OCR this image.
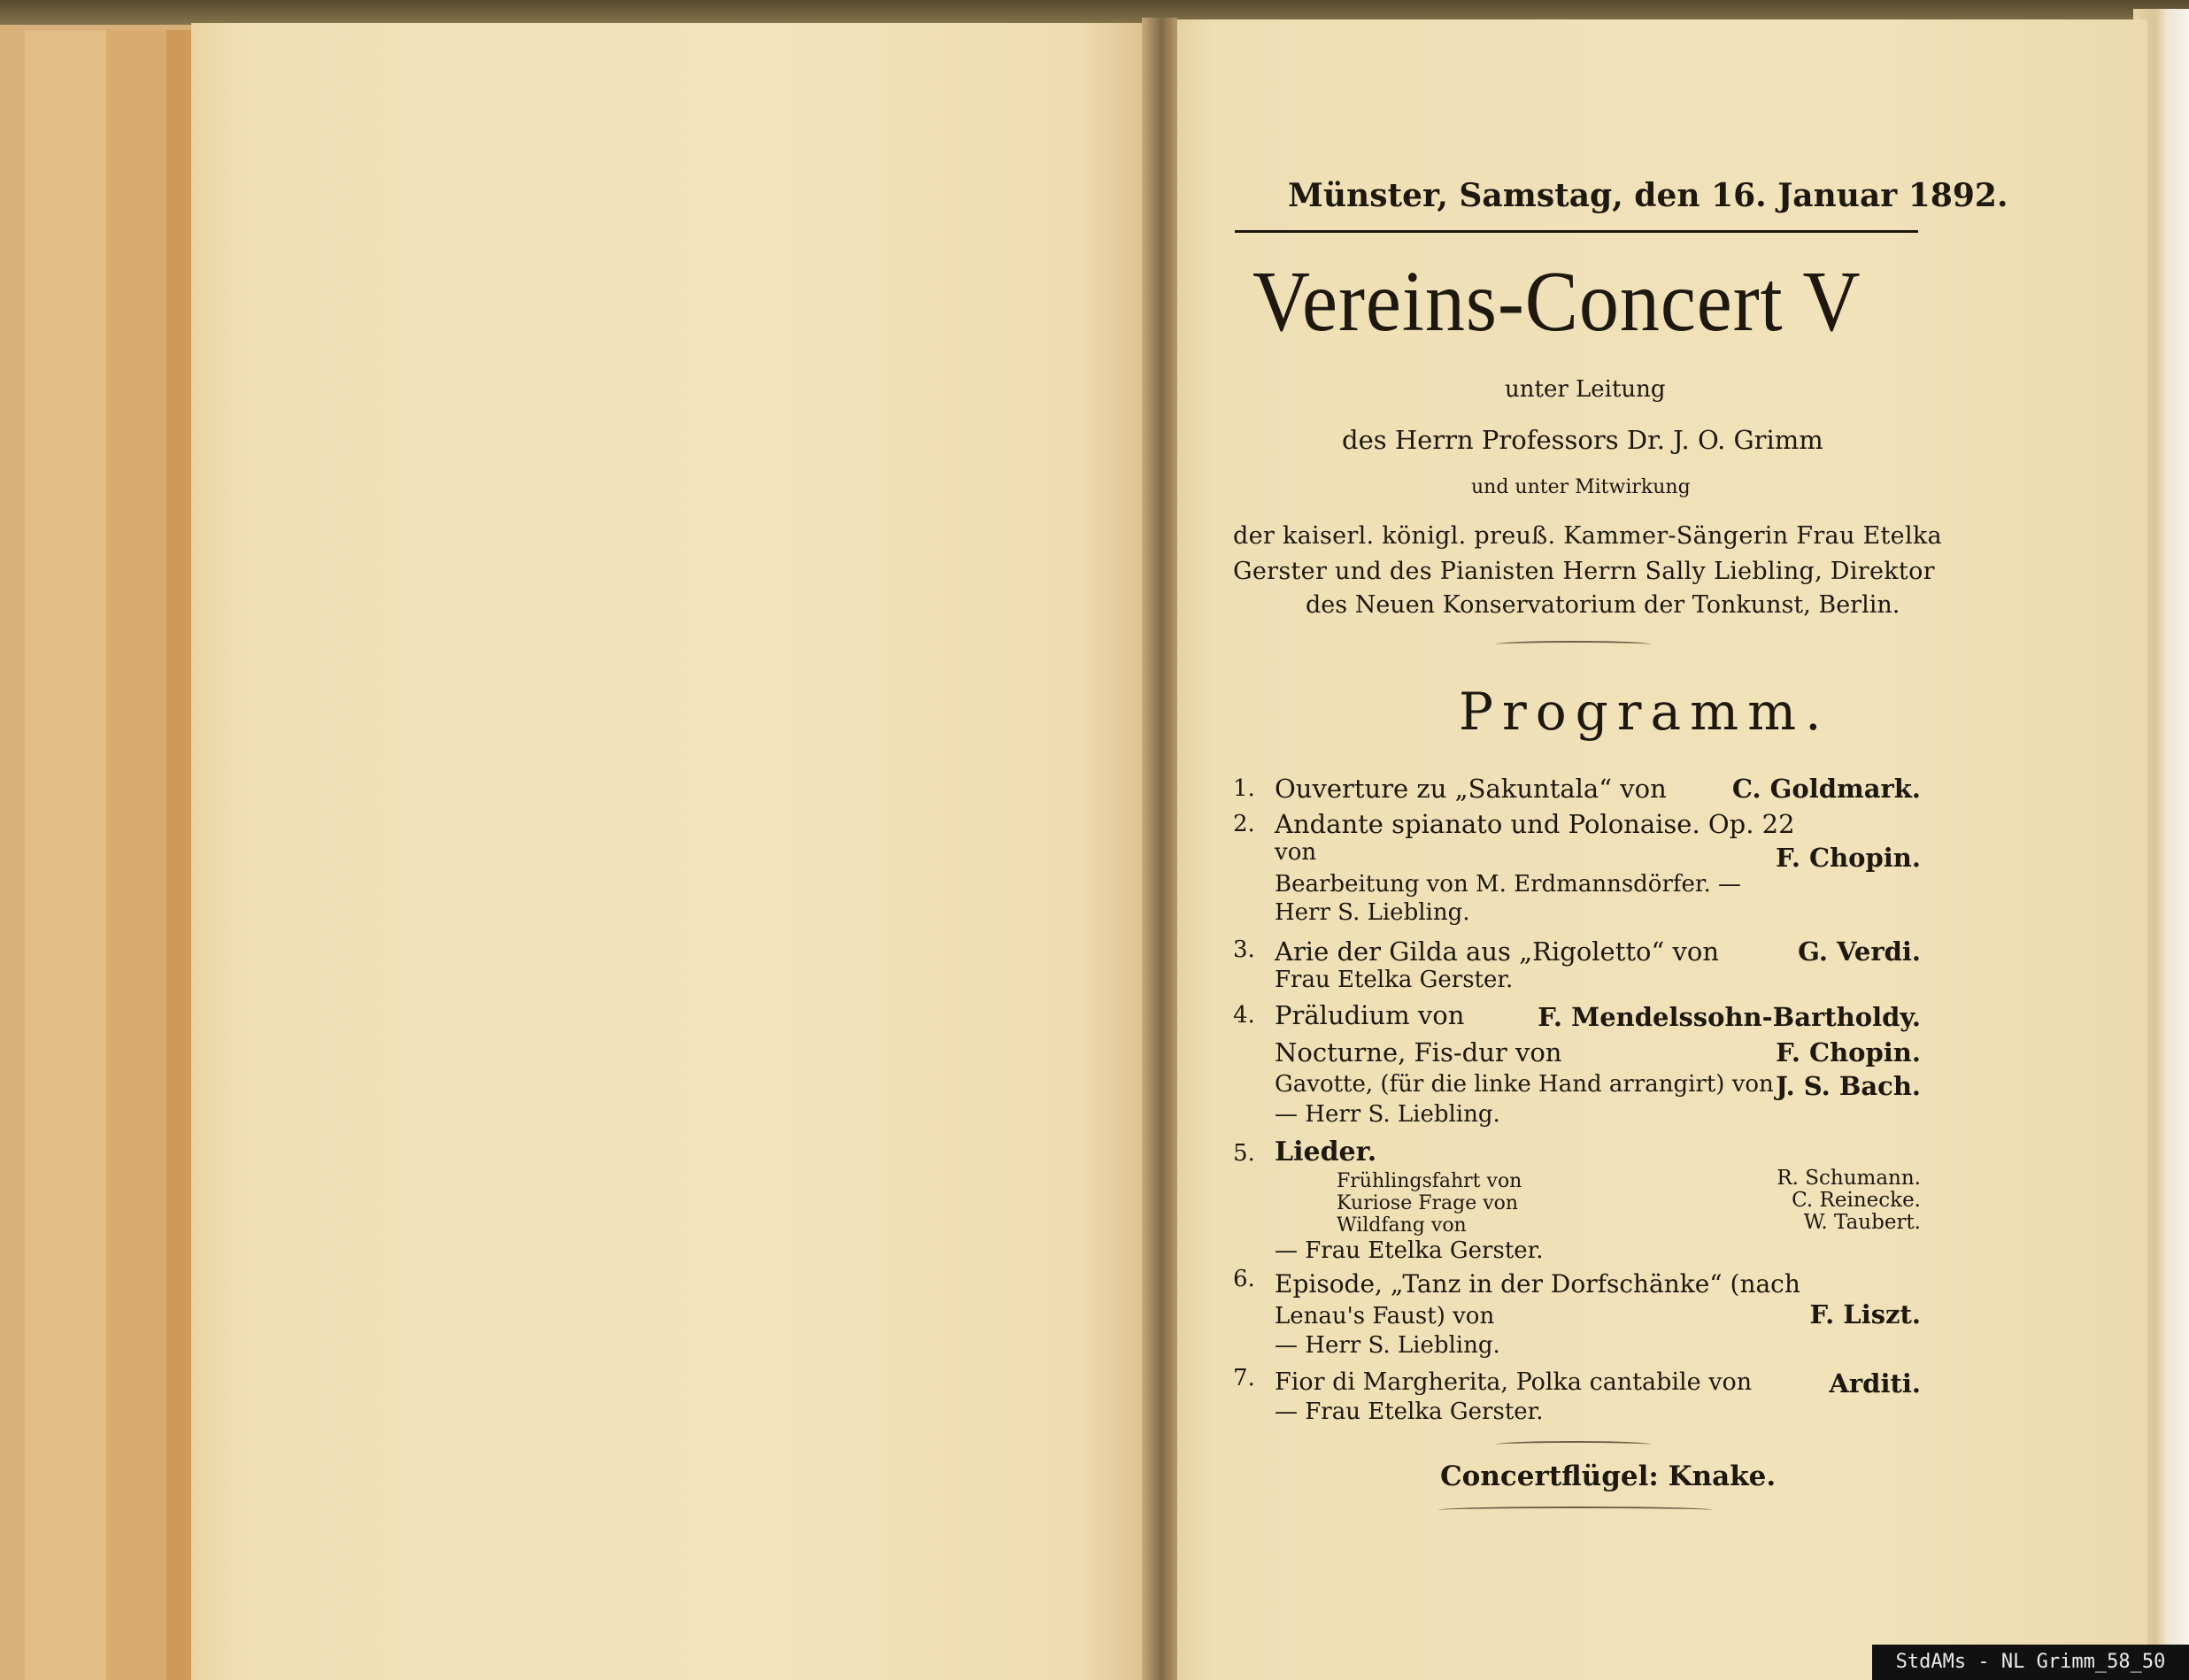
Münster, Samstag, den 16. Januar 1892.
Vereins-Concert V
unter Leitung
des Herrn Professors Dr. J. O. Grimm
und unter Mitwirkung
der kaiserl. königl. preuß. Kammer-Sängerin Frau Etelka
Gerster und des Pianisten Herrn Sally Liebling, Direktor
des Neuen Konservatorium der Tonkunst, Berlin.
Programm.
1. Ouverture zu „Sakuntala“ von	C. Goldmark.
2. Andante spianato und Polonaise. Op. 22
von	F. Chopin.
Bearbeitung von M. Erdmannsdörfer. —
Herr S. Liebling.
3. Arie der Gilda aus „Rigoletto“ von	G. Verdi.
Frau Etelka Gerster.
4. Präludium von	F. Mendelssohn-Bartholdy.
Nocturne, Fis-dur von	F. Chopin.
Gavotte, (für die linke Hand arrangirt) von J. S. Bach.
— Herr S. Liebling.
5. Lieder.
Frühlingsfahrt von	R. Schumann.
Kuriose Frage von	C. Reinecke.
Wildfang von	W. Taubert.
— Frau Etelka Gerster.
6. Episode, „Tanz in der Dorfschänke“ (nach
Lenau's Faust) von	F. Liszt.
— Herr S. Liebling.
7. Fior di Margherita, Polka cantabile von	Arditi.
— Frau Etelka Gerster.
Concertflügel: Knake.
StdAMs - NL Grimm_58_50
